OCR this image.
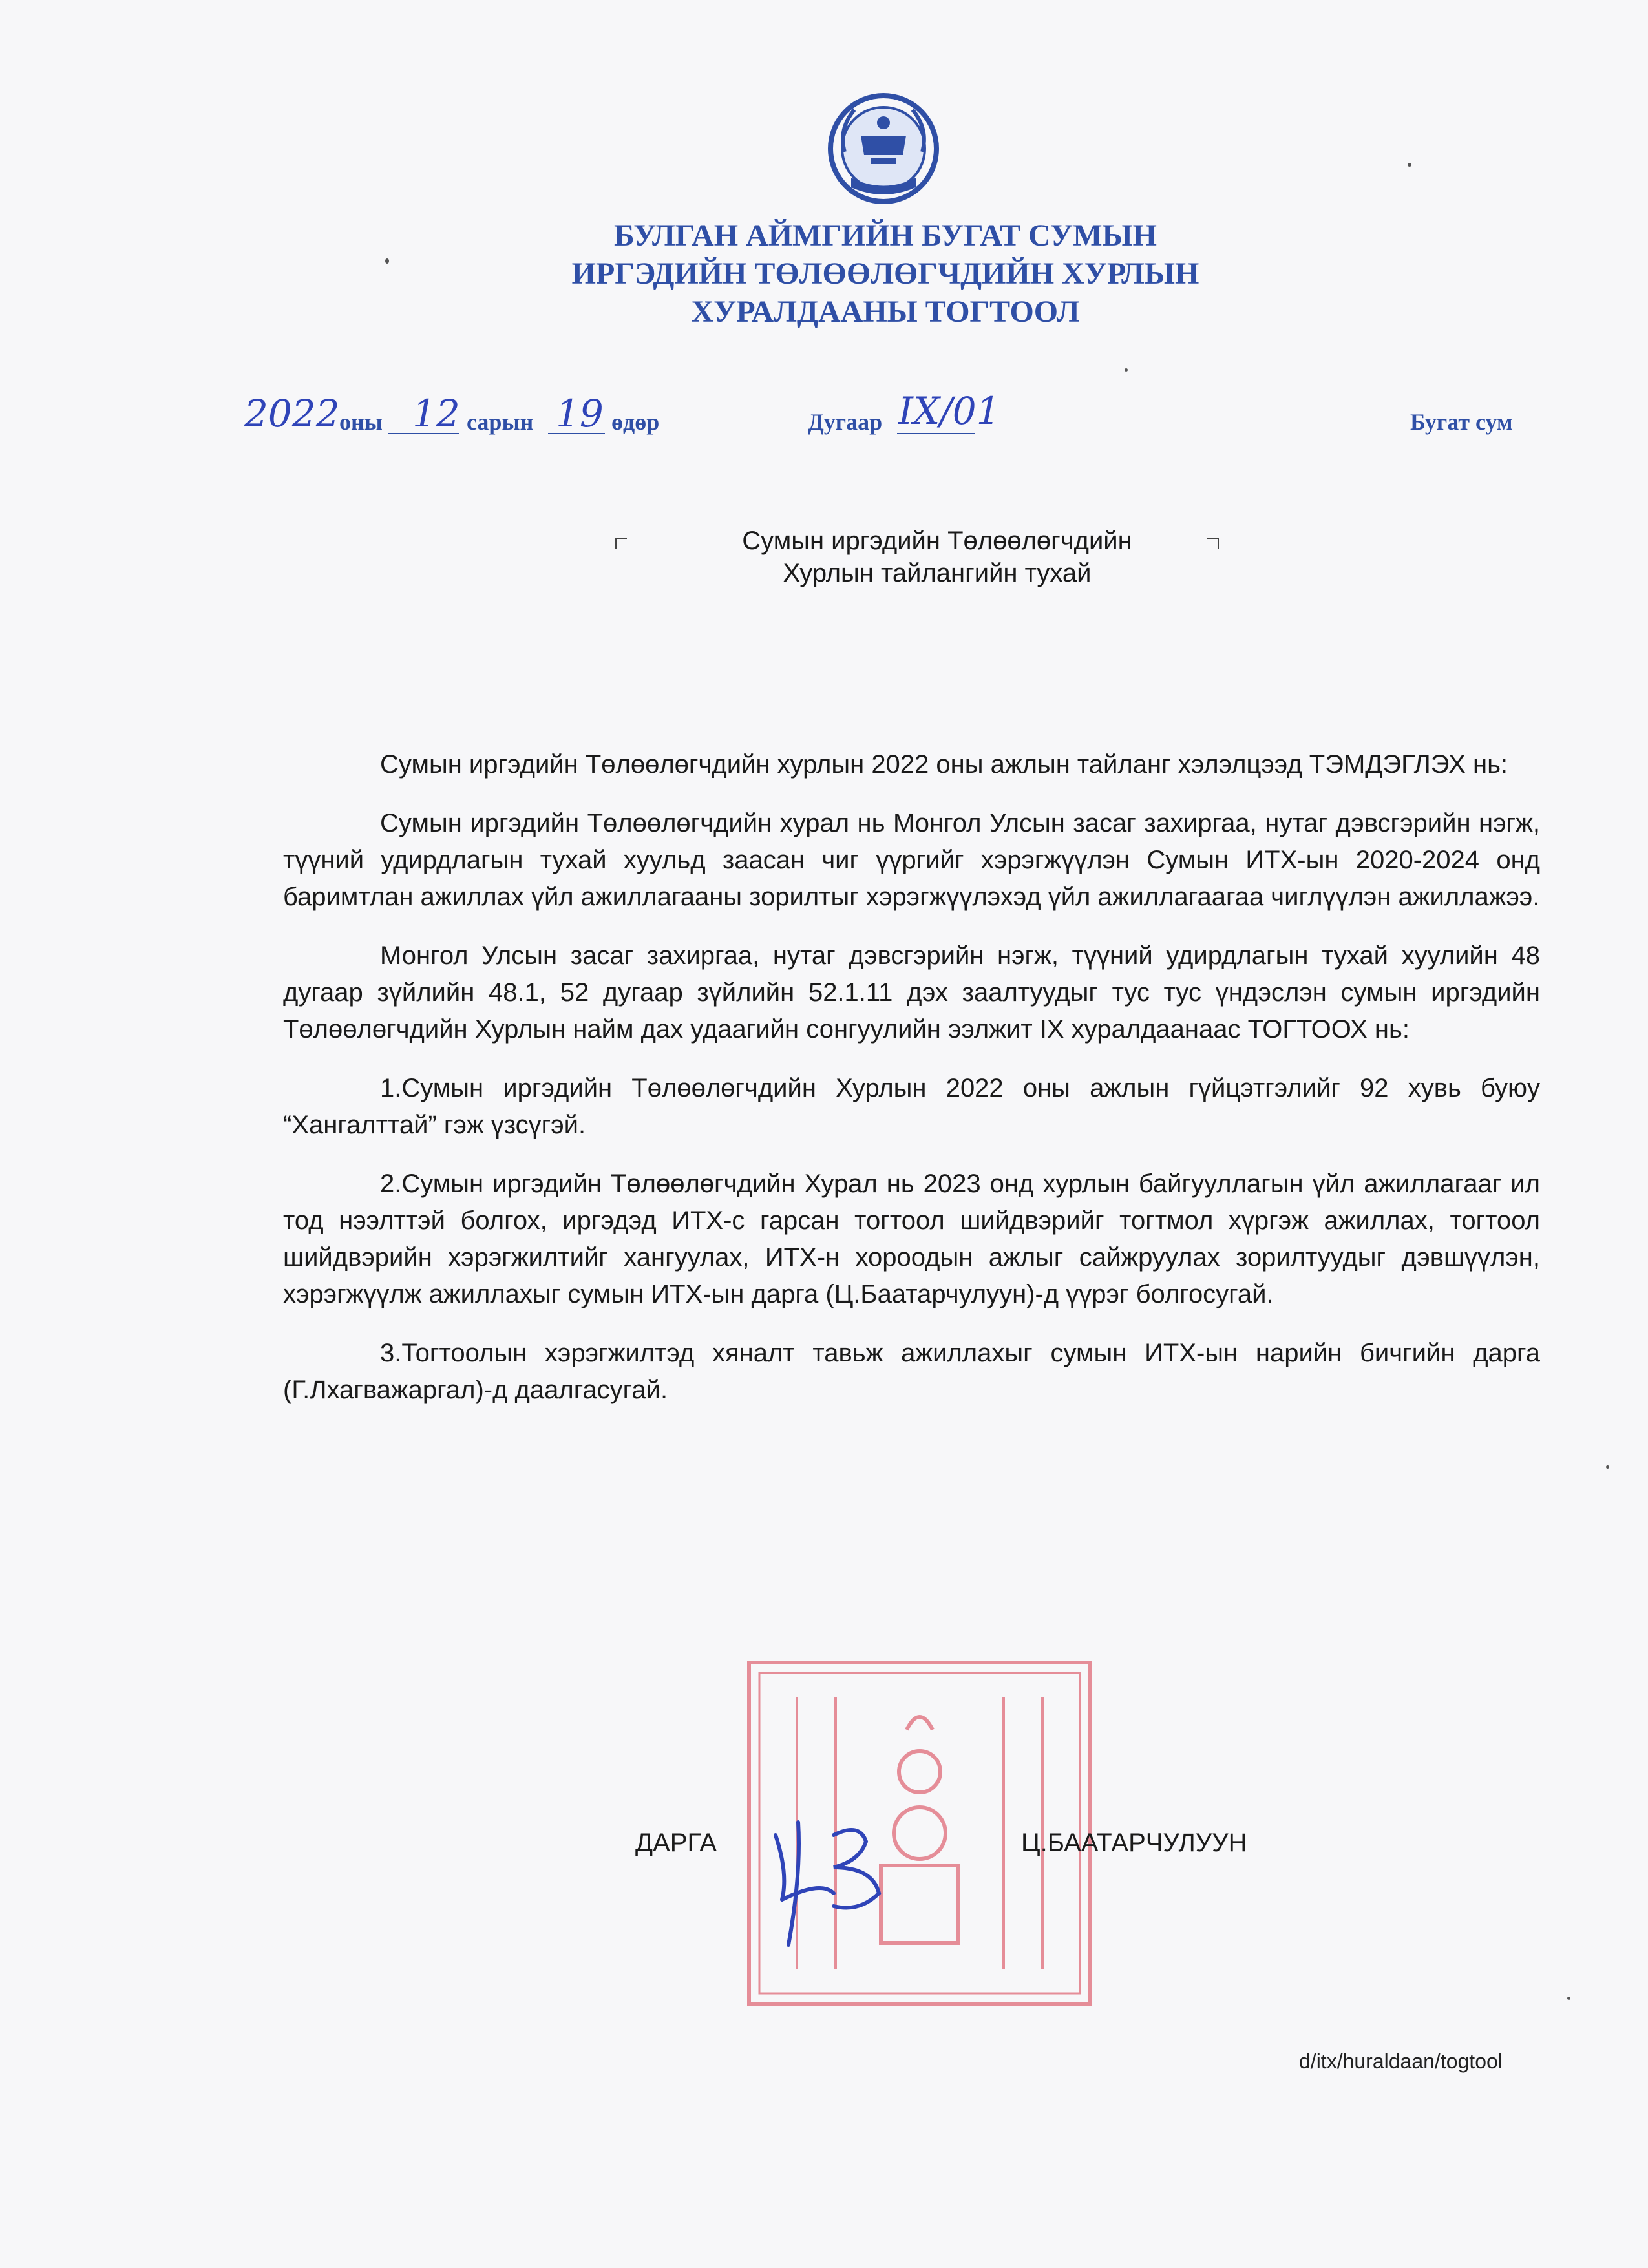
БУЛГАН АЙМГИЙН БУГАТ СУМЫН
ИРГЭДИЙН ТӨЛӨӨЛӨГЧДИЙН ХУРЛЫН
ХУРАЛДААНЫ ТОГТООЛ
2022 оны 12 сарын 19 өдөр	Дугаар IX/01	Бугат сум
Сумын иргэдийн Төлөөлөгчдийн
Хурлын тайлангийн тухай

Сумын иргэдийн Төлөөлөгчдийн хурлын 2022 оны ажлын тайланг хэлэлцээд ТЭМДЭГЛЭХ нь:

Сумын иргэдийн Төлөөлөгчдийн хурал нь Монгол Улсын засаг захиргаа, нутаг дэвсгэрийн нэгж, түүний удирдлагын тухай хуульд заасан чиг үүргийг хэрэгжүүлэн Сумын ИТХ-ын 2020-2024 онд баримтлан ажиллах үйл ажиллагааны зорилтыг хэрэгжүүлэхэд үйл ажиллагаагаа чиглүүлэн ажиллажээ.

Монгол Улсын засаг захиргаа, нутаг дэвсгэрийн нэгж, түүний удирдлагын тухай хуулийн 48 дугаар зүйлийн 48.1, 52 дугаар зүйлийн 52.1.11 дэх заалтуудыг тус тус үндэслэн сумын иргэдийн Төлөөлөгчдийн Хурлын найм дах удаагийн сонгуулийн ээлжит IX хуралдаанаас ТОГТООХ нь:

1.Сумын иргэдийн Төлөөлөгчдийн Хурлын 2022 оны ажлын гүйцэтгэлийг 92 хувь буюу “Хангалттай” гэж үзсүгэй.

2.Сумын иргэдийн Төлөөлөгчдийн Хурал нь 2023 онд хурлын байгууллагын үйл ажиллагааг ил тод нээлттэй болгох, иргэдэд ИТХ-с гарсан тогтоол шийдвэрийг тогтмол хүргэж ажиллах, тогтоол шийдвэрийн хэрэгжилтийг хангуулах, ИТХ-н хороодын ажлыг сайжруулах зорилтуудыг дэвшүүлэн, хэрэгжүүлж ажиллахыг сумын ИТХ-ын дарга (Ц.Баатарчулуун)-д үүрэг болгосугай.

3.Тогтоолын хэрэгжилтэд хяналт тавьж ажиллахыг сумын ИТХ-ын нарийн бичгийн дарга (Г.Лхагважаргал)-д даалгасугай.

ДАРГА	Ц.БААТАРЧУЛУУН
d/itx/huraldaan/togtool
